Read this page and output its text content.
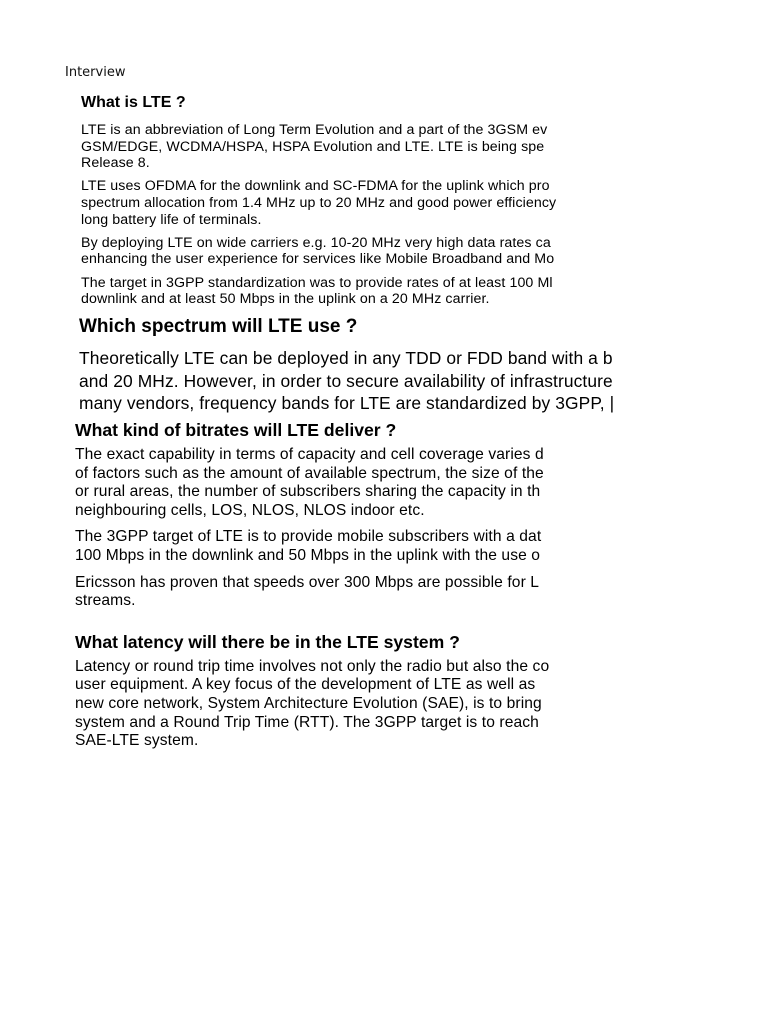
Interview
What is LTE ?
LTE is an abbreviation of Long Term Evolution and a part of the 3GSM ev
GSM/EDGE, WCDMA/HSPA, HSPA Evolution and LTE. LTE is being spe
Release 8.
LTE uses OFDMA for the downlink and SC-FDMA for the uplink which pro
spectrum allocation from 1.4 MHz up to 20 MHz and good power efficiency
long battery life of terminals.
By deploying LTE on wide carriers e.g. 10-20 MHz very high data rates ca
enhancing the user experience for services like Mobile Broadband and Mo
The target in 3GPP standardization was to provide rates of at least 100 Ml
downlink and at least 50 Mbps in the uplink on a 20 MHz carrier.
Which spectrum will LTE use ?
Theoretically LTE can be deployed in any TDD or FDD band with a b
and 20 MHz. However, in order to secure availability of infrastructure
many vendors, frequency bands for LTE are standardized by 3GPP, |
What kind of bitrates will LTE deliver ?
The exact capability in terms of capacity and cell coverage varies d
of factors such as the amount of available spectrum, the size of the
or rural areas, the number of subscribers sharing the capacity in th
neighbouring cells, LOS, NLOS, NLOS indoor etc.
The 3GPP target of LTE is to provide mobile subscribers with a dat
100 Mbps in the downlink and 50 Mbps in the uplink with the use o
Ericsson has proven that speeds over 300 Mbps are possible for L
streams.
What latency will there be in the LTE system ?
Latency or round trip time involves not only the radio but also the co
user equipment. A key focus of the development of LTE as well as
new core network, System Architecture Evolution (SAE), is to bring
system and a Round Trip Time (RTT). The 3GPP target is to reach
SAE-LTE system.
